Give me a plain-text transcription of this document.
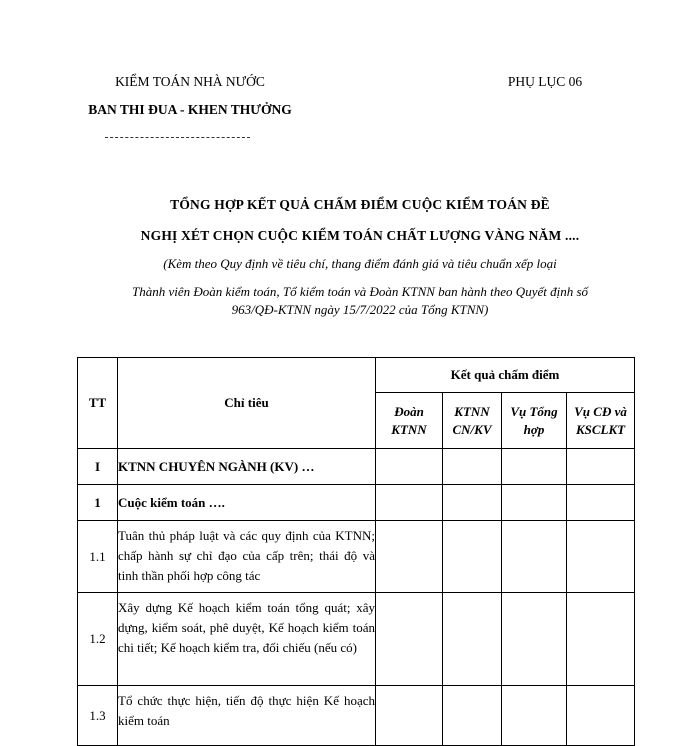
KIỂM TOÁN NHÀ NƯỚC	PHỤ LỤC 06
BAN THI ĐUA - KHEN THƯỞNG
TỔNG HỢP KẾT QUẢ CHẤM ĐIỂM CUỘC KIỂM TOÁN ĐỀ
NGHỊ XÉT CHỌN CUỘC KIỂM TOÁN CHẤT LƯỢNG VÀNG NĂM ....
(Kèm theo Quy định về tiêu chí, thang điểm đánh giá và tiêu chuẩn xếp loại
Thành viên Đoàn kiểm toán, Tổ kiểm toán và Đoàn KTNN ban hành theo Quyết định số
963/QĐ-KTNN ngày 15/7/2022 của Tổng KTNN)
TT	Chỉ tiêu	Kết quả chấm điểm			
		Đoàn KTNN	KTNN CN/KV	Vụ Tổng hợp	Vụ CĐ và KSCLKT
I	KTNN CHUYÊN NGÀNH (KV) …				
1	Cuộc kiểm toán ….				
1.1	Tuân thủ pháp luật và các quy định của KTNN; chấp hành sự chỉ đạo của cấp trên; thái độ và tinh thần phối hợp công tác				
1.2	Xây dựng Kế hoạch kiểm toán tổng quát; xây dựng, kiểm soát, phê duyệt, Kế hoạch kiểm toán chi tiết; Kế hoạch kiểm tra, đối chiếu (nếu có)				
1.3	Tổ chức thực hiện, tiến độ thực hiện Kế hoạch kiểm toán				
